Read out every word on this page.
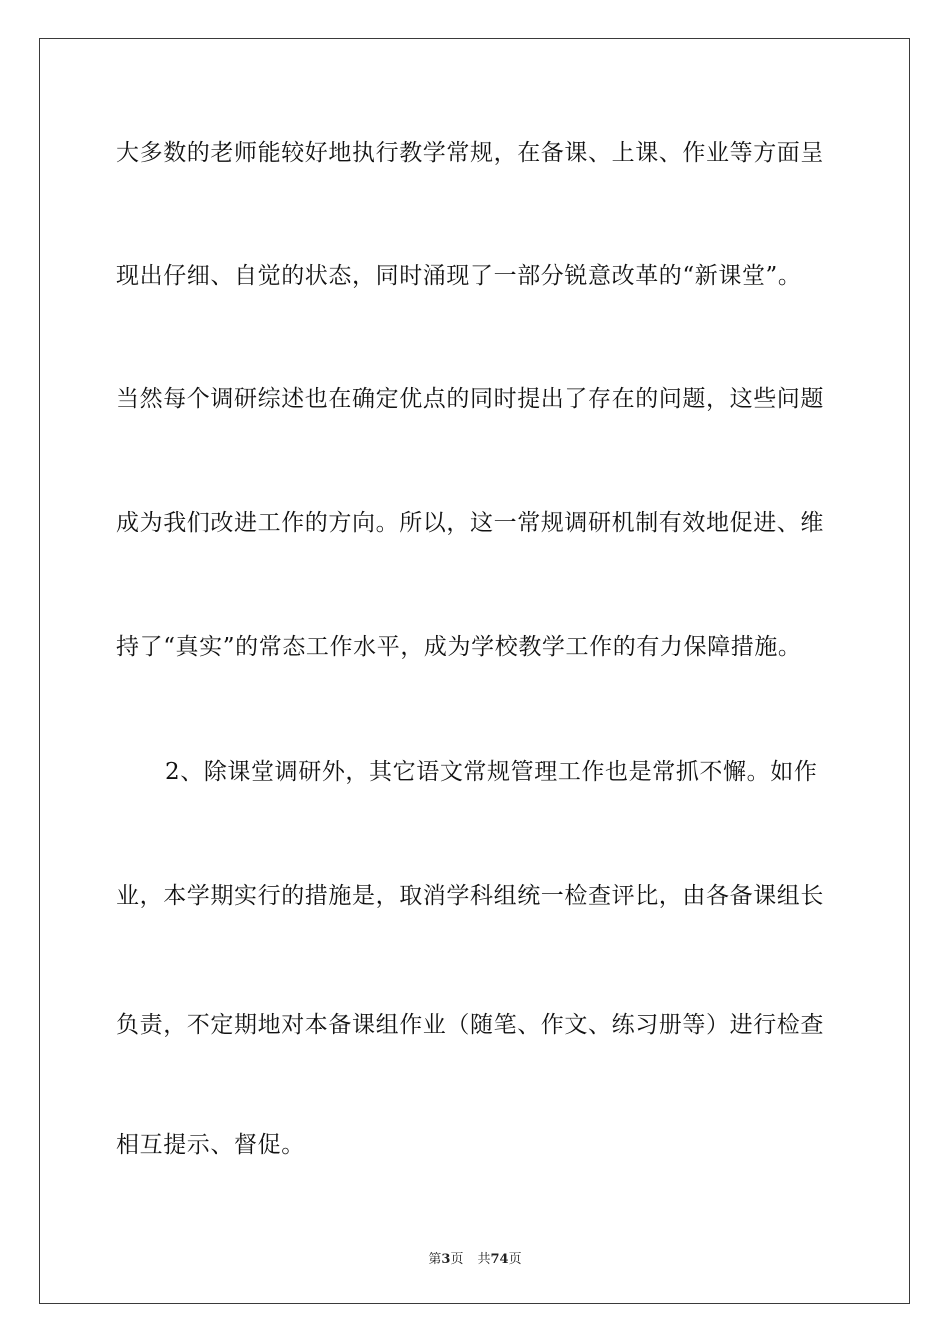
大多数的老师能较好地执行教学常规，在备课、上课、作业等方面呈
现出仔细、自觉的状态，同时涌现了一部分锐意改革的“新课堂”。
当然每个调研综述也在确定优点的同时提出了存在的问题，这些问题
成为我们改进工作的方向。所以，这一常规调研机制有效地促进、维
持了“真实”的常态工作水平，成为学校教学工作的有力保障措施。
2、除课堂调研外，其它语文常规管理工作也是常抓不懈。如作
业，本学期实行的措施是，取消学科组统一检查评比，由各备课组长
负责，不定期地对本备课组作业（随笔、作文、练习册等）进行检查
相互提示、督促。
第3页 共74页
